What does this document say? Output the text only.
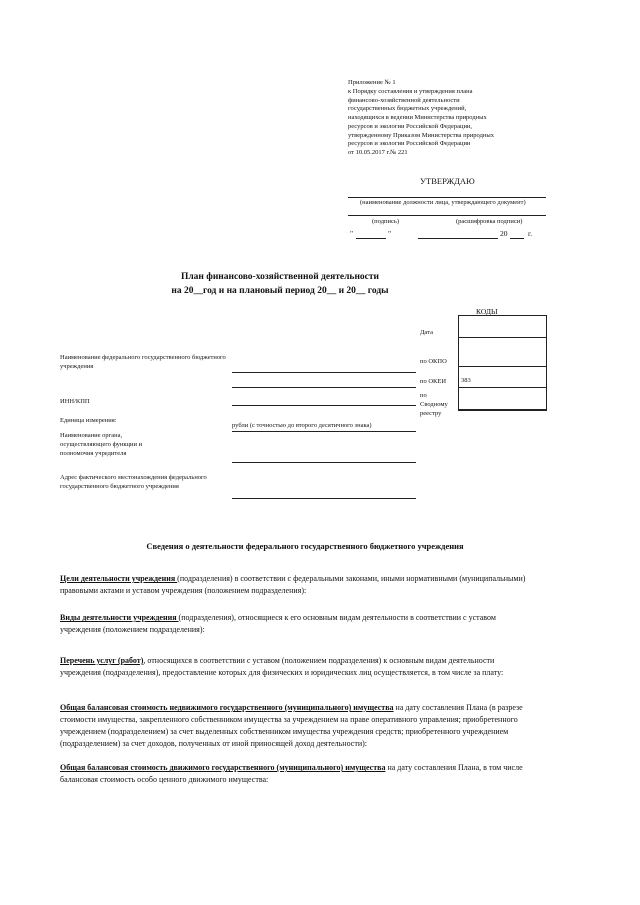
Приложение № 1
к Порядку составления и утверждения плана
финансово-хозяйственной деятельности
государственных бюджетных учреждений,
находящихся в ведении Министерства природных
ресурсов и экологии Российской Федерации,
утвержденному Приказом Министерства природных
ресурсов и экологии Российской Федерации
от 10.05.2017 г.№ 221
УТВЕРЖДАЮ
(наименование должности лица, утверждающего документ)
(подпись)	(расшифровка подписи)
"	"	20	г.
План финансово-хозяйственной деятельности
на 20__год и на плановый период 20__ и 20__ годы
КОДЫ
Дата
по ОКПО
по ОКЕИ 383
по Сводному реестру
Наименование федерального государственного бюджетного учреждения
ИНН/КПП
Единица измерения:
рубли (с точностью до второго десятичного знака)
Наименование органа, осуществляющего функции и полномочия учредителя
Адрес фактического местонахождения федерального государственного бюджетного учреждения
Сведения о деятельности федерального государственного бюджетного учреждения
Цели деятельности учреждения (подразделения) в соответствии с федеральными законами, иными нормативными (муниципальными) правовыми актами и уставом учреждения (положением подразделения):
Виды деятельности учреждения (подразделения), относящиеся к его основным видам деятельности в соответствии с уставом учреждения (положением подразделения):
Перечень услуг (работ), относящихся в соответствии с уставом (положением подразделения) к основным видам деятельности учреждения (подразделения), предоставление которых для физических и юридических лиц осуществляется, в том числе за плату:
Общая балансовая стоимость недвижимого государственного (муниципального) имущества на дату составления Плана (в разрезе стоимости имущества, закрепленного собственником имущества за учреждением на праве оперативного управления; приобретенного учреждением (подразделением) за счет выделенных собственником имущества учреждения средств; приобретенного учреждением (подразделением) за счет доходов, полученных от иной приносящей доход деятельности):
Общая балансовая стоимость движимого государственного (муниципального) имущества на дату составления Плана, в том числе балансовая стоимость особо ценного движимого имущества:
